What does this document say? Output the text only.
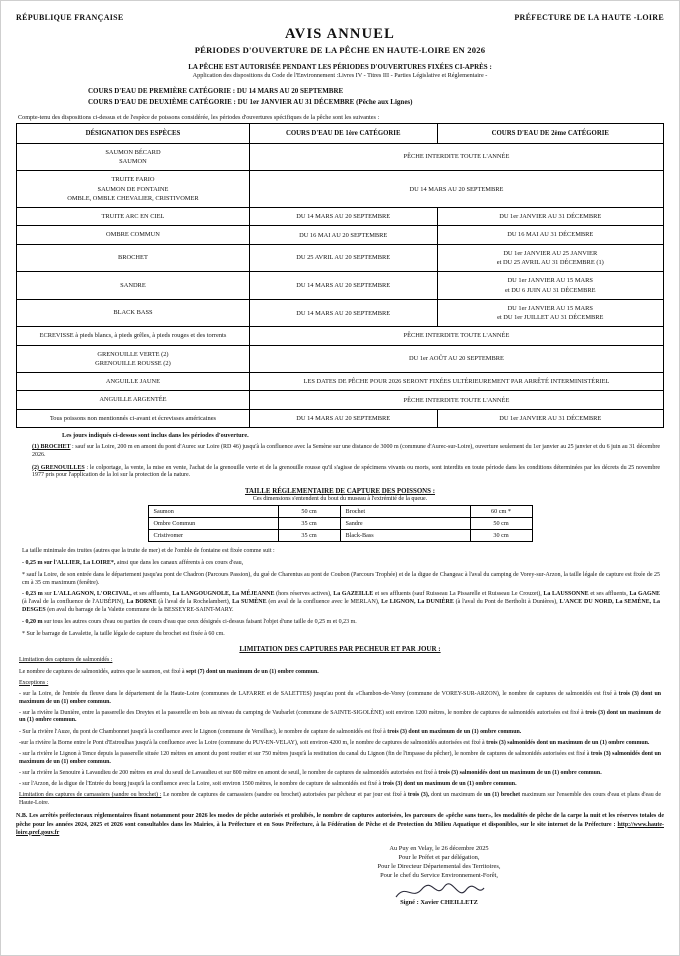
RÉPUBLIQUE FRANÇAISE	PRÉFECTURE DE LA HAUTE -LOIRE
AVIS ANNUEL
PÉRIODES D'OUVERTURE DE LA PÊCHE EN HAUTE-LOIRE EN 2026
LA PÊCHE EST AUTORISÉE PENDANT LES PÉRIODES D'OUVERTURES FIXÉES CI-APRÈS :
Application des dispositions du Code de l'Environnement :Livres IV - Titres III - Parties Législative et Réglementaire -
COURS D'EAU DE PREMIÈRE CATÉGORIE : DU 14 MARS AU 20 SEPTEMBRE
COURS D'EAU DE DEUXIÈME CATÉGORIE : DU 1er JANVIER AU 31 DÉCEMBRE (Pêche aux Lignes)
Compte-tenu des dispositions ci-dessus et de l'espèce de poissons considérée, les périodes d'ouvertures spécifiques de la pêche sont les suivantes :
DÉSIGNATION DES ESPÈCES	COURS D'EAU DE 1ère CATÉGORIE	COURS D'EAU DE 2ème CATÉGORIE

SAUMON BÉCARD
SAUMON	PÊCHE INTERDITE TOUTE L'ANNÉE	

TRUITE FARIO
SAUMON DE FONTAINE
OMBLE, OMBLE CHEVALIER, CRISTIVOMER	DU 14 MARS AU 20 SEPTEMBRE	

TRUITE ARC EN CIEL	DU 14 MARS AU 20 SEPTEMBRE	DU 1er JANVIER AU 31 DÉCEMBRE

OMBRE COMMUN	DU 16 MAI AU 20 SEPTEMBRE	DU 16 MAI AU 31 DÉCEMBRE

BROCHET	DU 25 AVRIL AU 20 SEPTEMBRE	DU 1er JANVIER AU 25 JANVIER
et DU 25 AVRIL AU 31 DÉCEMBRE (1)

SANDRE	DU 14 MARS AU 20 SEPTEMBRE	DU 1er JANVIER AU 15 MARS
et DU 6 JUIN AU 31 DÉCEMBRE

BLACK BASS	DU 14 MARS AU 20 SEPTEMBRE	DU 1er JANVIER AU 15 MARS
et DU 1er JUILLET AU 31 DÉCEMBRE

ECREVISSE à pieds blancs, à pieds grêles, à pieds rouges et des torrents	PÊCHE INTERDITE TOUTE L'ANNÉE	

GRENOUILLE VERTE (2)
GRENOUILLE ROUSSE (2)	DU 1er AOÛT AU 20 SEPTEMBRE	

ANGUILLE JAUNE	LES DATES DE PÊCHE POUR 2026 SERONT FIXÉES ULTÉRIEUREMENT PAR ARRÊTÉ INTERMINISTÉRIEL	

ANGUILLE ARGENTÉE	PÊCHE INTERDITE TOUTE L'ANNÉE	

Tous poissons non mentionnés ci-avant et écrevisses américaines	DU 14 MARS AU 20 SEPTEMBRE	DU 1er JANVIER AU 31 DÉCEMBRE
Les jours indiqués ci-dessus sont inclus dans les périodes d'ouverture.
(1) BROCHET : sauf sur la Loire, 200 m en amont du pont d'Aurec sur Loire (RD 46) jusqu'à la confluence avec la Semène sur une distance de 3000 m (commune d'Aurec-sur-Loire), ouverture seulement du 1er janvier au 25 janvier et du 6 juin au 31 décembre 2026.
(2) GRENOUILLES : le colportage, la vente, la mise en vente, l'achat de la grenouille verte et de la grenouille rousse qu'il s'agisse de spécimens vivants ou morts, sont interdits en toute période dans les conditions déterminées par les décrets du 25 novembre 1977 pris pour l'application de la loi sur la protection de la nature.
TAILLE RÉGLEMENTAIRE DE CAPTURE DES POISSONS :
Ces dimensions s'entendent du bout du museau à l'extrémité de la queue.
Saumon	50 cm	Brochet	60 cm *
Ombre Commun	35 cm	Sandre	50 cm
Cristivomer	35 cm	Black-Bass	30 cm
La taille minimale des truites (autres que la truite de mer) et de l'omble de fontaine est fixée comme suit :
- 0,25 m sur l'ALLIER, La LOIRE*, ainsi que dans les canaux afférents à ces cours d'eau,
* sauf la Loire, de son entrée dans le département jusqu'au pont de Chadron (Parcours Passion), du gué de Charentus au pont de Coubon (Parcours Trophée) et de la digue de Changeac à l'aval du camping de Vorey-sur-Arzon, la taille légale de capture est fixée de 25 cm à 35 cm maximum (fenêtre).
- 0,23 m sur L'ALLAGNON, L'ORCIVAL, et ses affluents, La LANGOUGNOLE, La MÉJEANNE (hors réserves actives), La GAZEILLE et ses affluents (sauf Ruisseau La Pissarelle et Ruisseau Le Crouzet), La LAUSSONNE et ses affluents, La GAGNE (à l'aval de la confluence de l'AUBÉPIN), La BORNE (à l'aval de la Rochelambert), La SUMÈNE (en aval de la confluence avec le MERLAN), Le LIGNON, La DUNIÈRE (à l'aval du Pont de Bertholit à Dunières), L'ANCE DU NORD, La SEMÈNE, La DESGES (en aval du barrage de la Valette commune de la BESSEYRE-SAINT-MARY.
- 0,20 m sur tous les autres cours d'eau ou parties de cours d'eau que ceux désignés ci-dessus faisant l'objet d'une taille de 0,25 m et 0,23 m.
* Sur le barrage de Lavalette, la taille légale de capture du brochet est fixée à 60 cm.
LIMITATION DES CAPTURES PAR PECHEUR ET PAR JOUR :
Limitation des captures de salmonidés :
Le nombre de captures de salmonidés, autres que le saumon, est fixé à sept (7) dont un maximum de un (1) ombre commun.
Exceptions :
- sur la Loire, de l'entrée du fleuve dans le département de la Haute-Loire (communes de LAFARRE et de SALETTES) jusqu'au pont du «Chambon-de-Vorey (commune de VOREY-SUR-ARZON), le nombre de captures de salmonidés est fixé à trois (3) dont un maximum de un (1) ombre commun.
- sur la rivière la Dunière, entre la passerelle des Dreytes et la passerelle en bois au niveau du camping de Vaubarlet (commune de SAINTE-SIGOLÈNE) soit environ 1200 mètres, le nombre de captures de salmonidés autorisées est fixé à trois (3) dont un maximum de un (1) ombre commun.
- Sur la rivière l'Auze, du pont de Chambonnet jusqu'à la confluence avec le Lignon (commune de Versilhac), le nombre de capture de salmonidés est fixé à trois (3) dont un maximum de un (1) ombre commun.
-sur la rivière la Borne entre le Pont d'Estroulhas jusqu'à la confluence avec la Loire (commune du PUY-EN-VELAY), soit environ 4200 m, le nombre de captures de salmonidés autorisées est fixé à trois (3) salmonidés dont un maximum de un (1) ombre commun.
- sur la rivière le Lignon à Tence depuis la passerelle située 120 mètres en amont du pont routier et sur 750 mètres jusqu'à la restitution du canal du Lignon (fin de l'impasse du pêcher), le nombre de captures de salmonidés autorisées est fixé à trois (3) salmonidés dont un maximum de un (1) ombre commun.
- sur la rivière la Senouire à Lavaudieu de 200 mètres en aval du seuil de Lavaudieu et sur 800 mètre en amont de seuil, le nombre de captures de salmonidés autorisées est fixé à trois (3) salmonidés dont un maximum de un (1) ombre commun.
- sur l'Arzon, de la digue de l'Entrée du bourg jusqu'à la confluence avec la Loire, soit environ 1500 mètres, le nombre de capture de salmonidés est fixé à trois (3) dont un maximum de un (1) ombre commun.
Limitation des captures de carnassiers (sandre ou brochet) : Le nombre de captures de carnassiers (sandre ou brochet) autorisées par pêcheur et par jour est fixé à trois (3), dont un maximum de un (1) brochet maximum sur l'ensemble des cours d'eau et plans d'eau de Haute-Loire.
N.B. Les arrêtés préfectoraux réglementaires fixant notamment pour 2026 les modes de pêche autorisés et prohibés, le nombre de captures autorisées, les parcours de «pêche sans tuer», les modalités de pêche de la carpe la nuit et les réserves totales de pêche pour les années 2024, 2025 et 2026 sont consultables dans les Mairies, à la Préfecture et en Sous Préfecture, à la Fédération de Pêche et de Protection du Milieu Aquatique et disponibles, sur le site internet de la Préfecture : http://www.haute-loire.pref.gouv.fr
Au Puy en Velay, le 26 décembre 2025
Pour le Préfet et par délégation,
Pour le Directeur Départemental des Territoires,
Pour le chef du Service Environnement-Forêt,
Signé : Xavier CHEILLETZ
